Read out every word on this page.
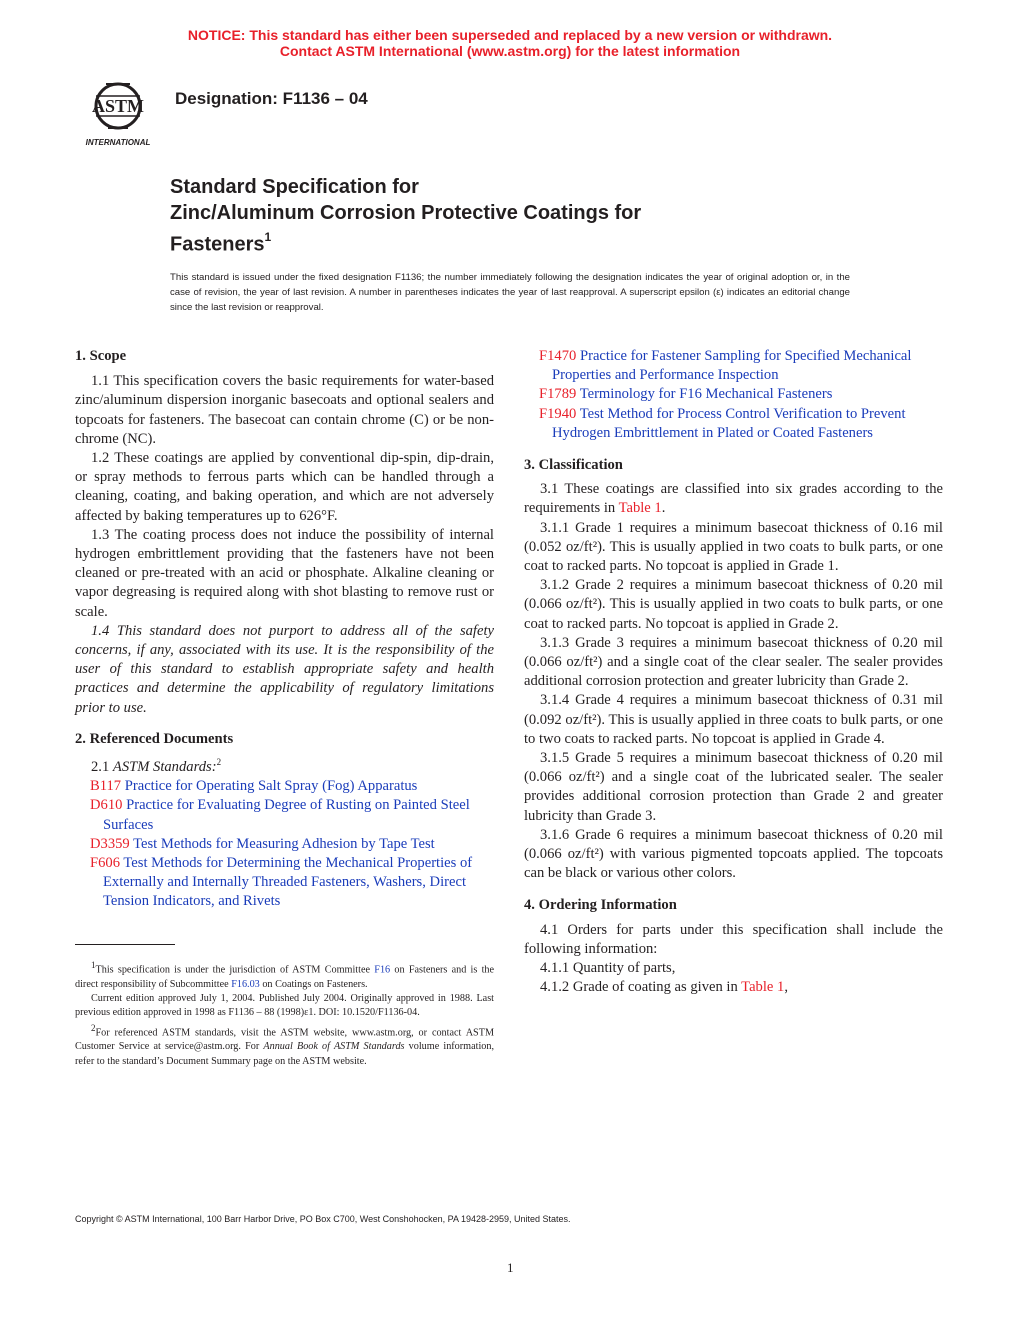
NOTICE: This standard has either been superseded and replaced by a new version or withdrawn.
Contact ASTM International (www.astm.org) for the latest information
ASTM
INTERNATIONAL
Designation: F1136 – 04
Standard Specification for
Zinc/Aluminum Corrosion Protective Coatings for
Fasteners$^1$
This standard is issued under the fixed designation F1136; the number immediately following the designation indicates the year of original adoption or, in the case of revision, the year of last revision. A number in parentheses indicates the year of last reapproval. A superscript epsilon (ε) indicates an editorial change since the last revision or reapproval.
1. Scope

1.1 This specification covers the basic requirements for water-based zinc/aluminum dispersion inorganic basecoats and optional sealers and topcoats for fasteners. The basecoat can contain chrome (C) or be non-chrome (NC).

1.2 These coatings are applied by conventional dip-spin, dip-drain, or spray methods to ferrous parts which can be handled through a cleaning, coating, and baking operation, and which are not adversely affected by baking temperatures up to 626°F.

1.3 The coating process does not induce the possibility of internal hydrogen embrittlement providing that the fasteners have not been cleaned or pre-treated with an acid or phosphate. Alkaline cleaning or vapor degreasing is required along with shot blasting to remove rust or scale.

1.4 This standard does not purport to address all of the safety concerns, if any, associated with its use. It is the responsibility of the user of this standard to establish appropriate safety and health practices and determine the applicability of regulatory limitations prior to use.

2. Referenced Documents

2.1 ASTM Standards:$^2$

B117 Practice for Operating Salt Spray (Fog) Apparatus

D610 Practice for Evaluating Degree of Rusting on Painted Steel Surfaces

D3359 Test Methods for Measuring Adhesion by Tape Test

F606 Test Methods for Determining the Mechanical Properties of Externally and Internally Threaded Fasteners, Washers, Direct Tension Indicators, and Rivets

$^1$This specification is under the jurisdiction of ASTM Committee F16 on Fasteners and is the direct responsibility of Subcommittee F16.03 on Coatings on Fasteners.

Current edition approved July 1, 2004. Published July 2004. Originally approved in 1988. Last previous edition approved in 1998 as F1136 – 88 (1998)ε1. DOI: 10.1520/F1136-04.

$^2$For referenced ASTM standards, visit the ASTM website, www.astm.org, or contact ASTM Customer Service at service@astm.org. For Annual Book of ASTM Standards volume information, refer to the standard’s Document Summary page on the ASTM website.

F1470 Practice for Fastener Sampling for Specified Mechanical Properties and Performance Inspection

F1789 Terminology for F16 Mechanical Fasteners

F1940 Test Method for Process Control Verification to Prevent Hydrogen Embrittlement in Plated or Coated Fasteners

3. Classification

3.1 These coatings are classified into six grades according to the requirements in Table 1.

3.1.1 Grade 1 requires a minimum basecoat thickness of 0.16 mil (0.052 oz/ft²). This is usually applied in two coats to bulk parts, or one coat to racked parts. No topcoat is applied in Grade 1.

3.1.2 Grade 2 requires a minimum basecoat thickness of 0.20 mil (0.066 oz/ft²). This is usually applied in two coats to bulk parts, or one coat to racked parts. No topcoat is applied in Grade 2.

3.1.3 Grade 3 requires a minimum basecoat thickness of 0.20 mil (0.066 oz/ft²) and a single coat of the clear sealer. The sealer provides additional corrosion protection and greater lubricity than Grade 2.

3.1.4 Grade 4 requires a minimum basecoat thickness of 0.31 mil (0.092 oz/ft²). This is usually applied in three coats to bulk parts, or one to two coats to racked parts. No topcoat is applied in Grade 4.

3.1.5 Grade 5 requires a minimum basecoat thickness of 0.20 mil (0.066 oz/ft²) and a single coat of the lubricated sealer. The sealer provides additional corrosion protection than Grade 2 and greater lubricity than Grade 3.

3.1.6 Grade 6 requires a minimum basecoat thickness of 0.20 mil (0.066 oz/ft²) with various pigmented topcoats applied. The topcoats can be black or various other colors.

4. Ordering Information

4.1 Orders for parts under this specification shall include the following information:

4.1.1 Quantity of parts,

4.1.2 Grade of coating as given in Table 1,

Copyright © ASTM International, 100 Barr Harbor Drive, PO Box C700, West Conshohocken, PA 19428-2959, United States.
1
